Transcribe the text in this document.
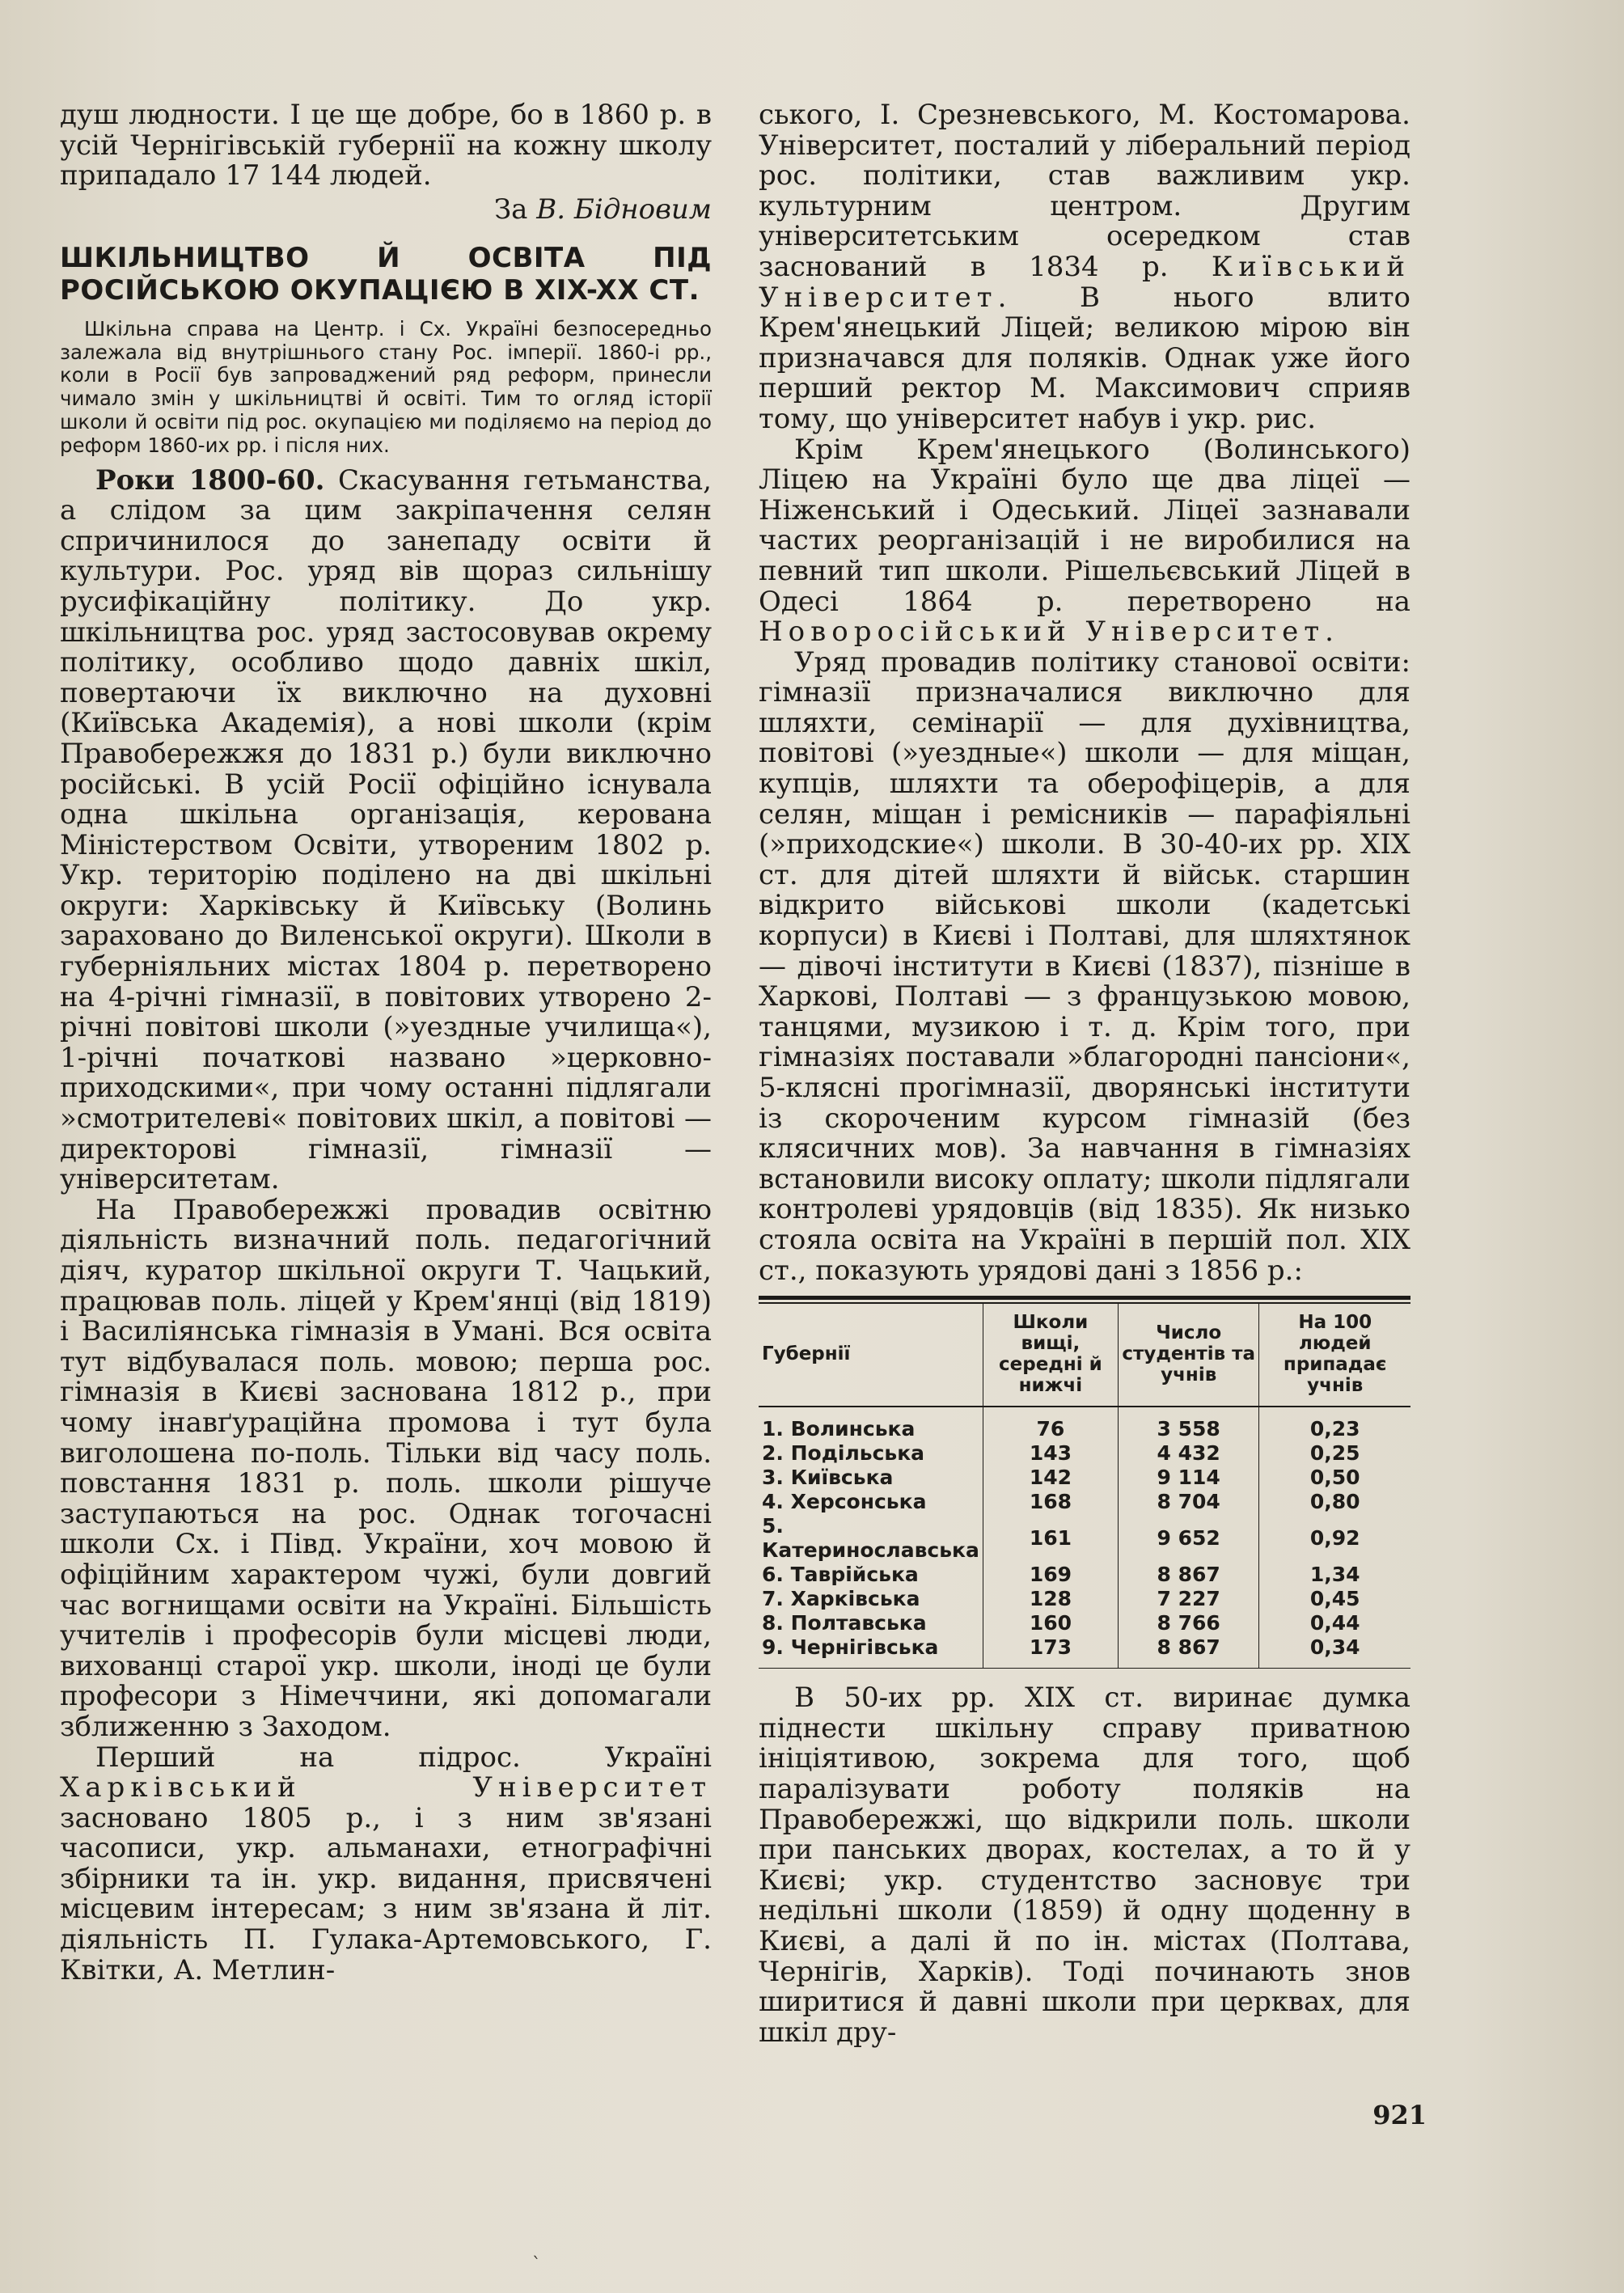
душ людности. І це ще добре, бо в 1860 р. в усій Чернігівській губернії на кожну школу припадало 17 144 людей.

За В. Бідновим
ШКІЛЬНИЦТВО Й ОСВІТА ПІД РОСІЙСЬКОЮ ОКУПАЦІЄЮ В XIX-XX СТ.
Шкільна справа на Центр. і Сх. Україні безпосередньо залежала від внутрішнього стану Рос. імперії. 1860-і рр., коли в Росії був запроваджений ряд реформ, принесли чимало змін у шкільництві й освіті. Тим то огляд історії школи й освіти під рос. окупацією ми поділяємо на період до реформ 1860-их рр. і після них.

Роки 1800-60. Скасування гетьманства, а слідом за цим закріпачення селян спричинилося до занепаду освіти й культури. Рос. уряд вів щораз сильнішу русифікаційну політику. До укр. шкільництва рос. уряд застосовував окрему політику, особливо щодо давніх шкіл, повертаючи їх виключно на духовні (Київська Академія), а нові школи (крім Правобережжя до 1831 р.) були виключно російські. В усій Росії офіційно існувала одна шкільна організація, керована Міністерством Освіти, утвореним 1802 р. Укр. територію поділено на дві шкільні округи: Харківську й Київську (Волинь зараховано до Виленської округи). Школи в губерніяльних містах 1804 р. перетворено на 4-річні гімназії, в повітових утворено 2-річні повітові школи (»уездные училища«), 1-річні початкові названо »церковно-приходскими«, при чому останні підлягали »смотрителеві« повітових шкіл, а повітові — директорові гімназії, гімназії — університетам.

На Правобережжі провадив освітню діяльність визначний поль. педагогічний діяч, куратор шкільної округи Т. Чацький, працював поль. ліцей у Крем'янці (від 1819) і Василіянська гімназія в Умані. Вся освіта тут відбувалася поль. мовою; перша рос. гімназія в Києві заснована 1812 р., при чому інавґураційна промова і тут була виголошена по-поль. Тільки від часу поль. повстання 1831 р. поль. школи рішуче заступаються на рос. Однак тогочасні школи Сх. і Півд. України, хоч мовою й офіційним характером чужі, були довгий час вогнищами освіти на Україні. Більшість учителів і професорів були місцеві люди, вихованці старої укр. школи, іноді це були професори з Німеччини, які допомагали зближенню з Заходом.

Перший на підрос. Україні Харківський Університет засновано 1805 р., і з ним зв'язані часописи, укр. альманахи, етнографічні збірники та ін. укр. видання, присвячені місцевим інтересам; з ним зв'язана й літ. діяльність П. Гулака-Артемовського, Г. Квітки, А. Метлин-

ського, І. Срезневського, М. Костомарова. Університет, посталий у ліберальний період рос. політики, став важливим укр. культурним центром. Другим університетським осередком став заснований в 1834 р. Київський Університет. В нього влито Крем'янецький Ліцей; великою мірою він призначався для поляків. Однак уже його перший ректор М. Максимович сприяв тому, що університет набув і укр. рис.

Крім Крем'янецького (Волинського) Ліцею на Україні було ще два ліцеї — Ніженський і Одеський. Ліцеї зазнавали частих реорганізацій і не виробилися на певний тип школи. Рішельєвський Ліцей в Одесі 1864 р. перетворено на Новоросійський Університет.

Уряд провадив політику станової освіти: гімназії призначалися виключно для шляхти, семінарії — для духівництва, повітові (»уездные«) школи — для міщан, купців, шляхти та оберофіцерів, а для селян, міщан і ремісників — парафіяльні (»приходские«) школи. В 30-40-их рр. XIX ст. для дітей шляхти й військ. старшин відкрито військові школи (кадетські корпуси) в Києві і Полтаві, для шляхтянок — дівочі інститути в Києві (1837), пізніше в Харкові, Полтаві — з французькою мовою, танцями, музикою і т. д. Крім того, при гімназіях поставали »благородні пансіони«, 5-клясні прогімназії, дворянські інститути із скороченим курсом гімназій (без клясичних мов). За навчання в гімназіях встановили високу оплату; школи підлягали контролеві урядовців (від 1835). Як низько стояла освіта на Україні в першій пол. XIX ст., показують урядові дані з 1856 р.:

Губернії	Школи вищі, середні й нижчі	Число студентів та учнів	На 100 людей припадає учнів
1. Волинська	76	3 558	0,23
2. Подільська	143	4 432	0,25
3. Київська	142	9 114	0,50
4. Херсонська	168	8 704	0,80
5. Катеринославська	161	9 652	0,92
6. Таврійська	169	8 867	1,34
7. Харківська	128	7 227	0,45
8. Полтавська	160	8 766	0,44
9. Чернігівська	173	8 867	0,34

В 50-их рр. XIX ст. виринає думка піднести шкільну справу приватною ініціятивою, зокрема для того, щоб паралізувати роботу поляків на Правобережжі, що відкрили поль. школи при панських дворах, костелах, а то й у Києві; укр. студентство засновує три недільні школи (1859) й одну щоденну в Києві, а далі й по ін. містах (Полтава, Чернігів, Харків). Тоді починають знов ширитися й давні школи при церквах, для шкіл дру-

921
`
